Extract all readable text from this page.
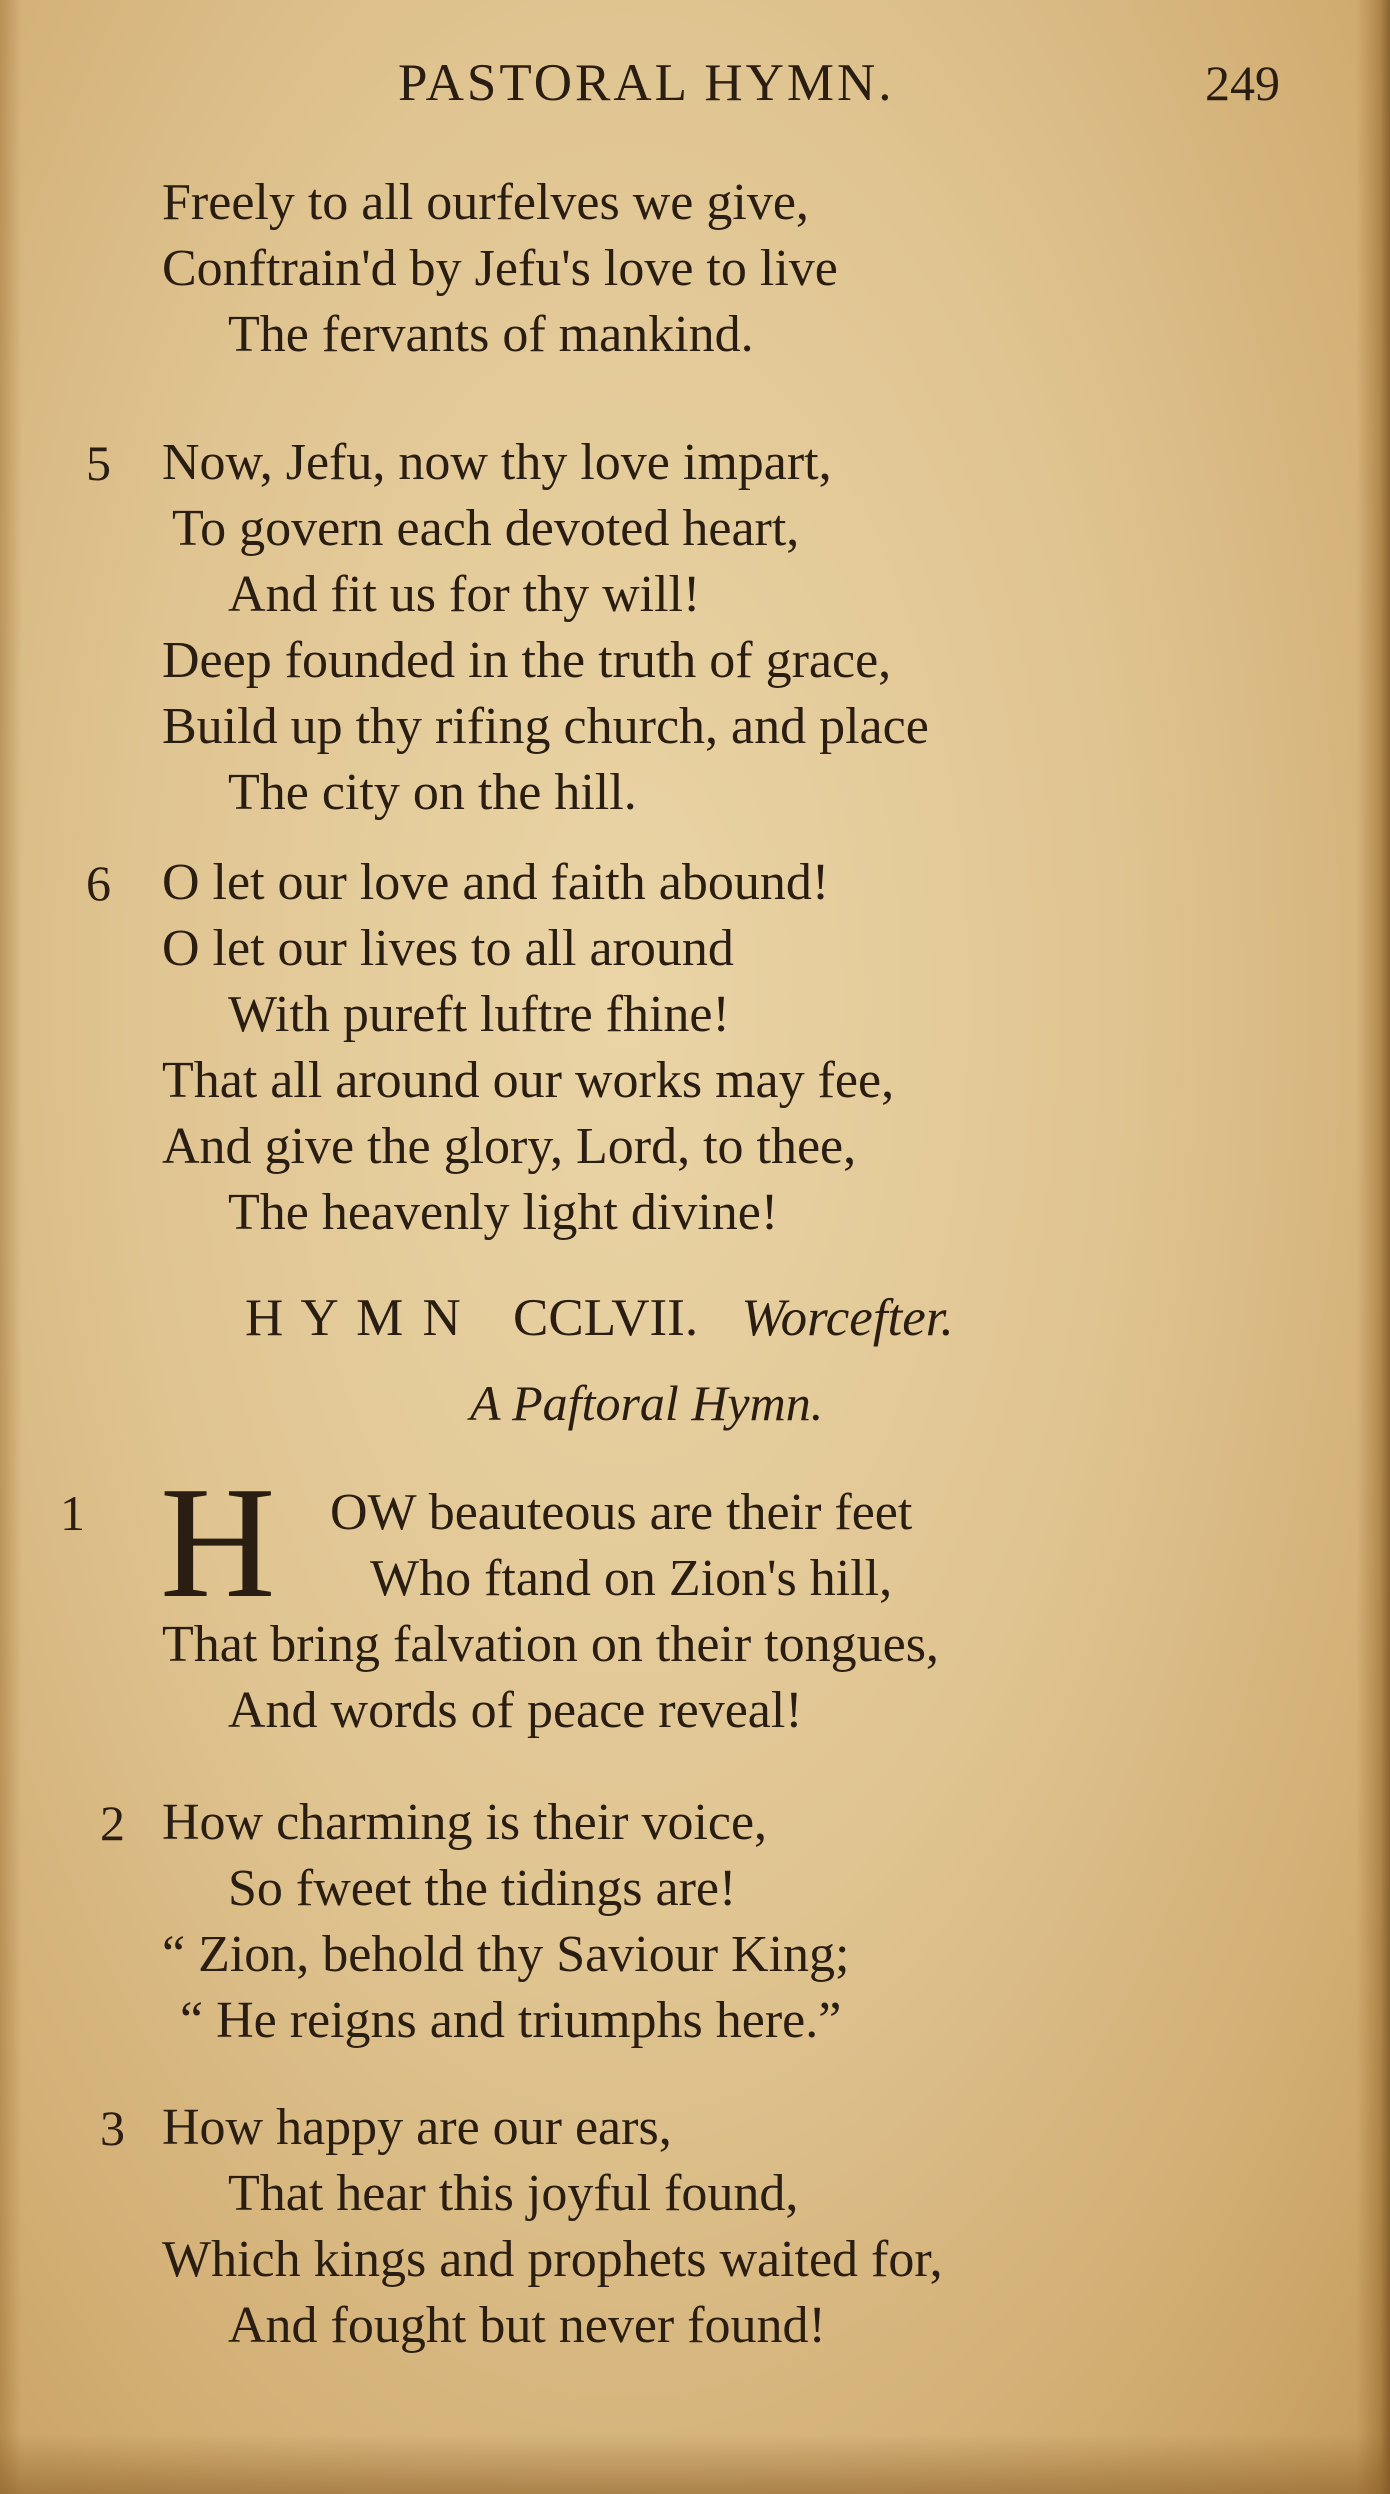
PASTORAL HYMN.	249
Freely to all ourfelves we give,
Conftrain'd by Jefu's love to live
The fervants of mankind.
5 Now, Jefu, now thy love impart,
To govern each devoted heart,
And fit us for thy will!
Deep founded in the truth of grace,
Build up thy rifing church, and place
The city on the hill.
6 O let our love and faith abound!
O let our lives to all around
With pureft luftre fhine!
That all around our works may fee,
And give the glory, Lord, to thee,
The heavenly light divine!
H Y M N CCLVII. Worcefter.
A Paftoral Hymn.
1 H OW beauteous are their feet
Who ftand on Zion's hill,
That bring falvation on their tongues,
And words of peace reveal!
2 How charming is their voice,
So fweet the tidings are!
“ Zion, behold thy Saviour King;
“ He reigns and triumphs here.”
3 How happy are our ears,
That hear this joyful found,
Which kings and prophets waited for,
And fought but never found!
